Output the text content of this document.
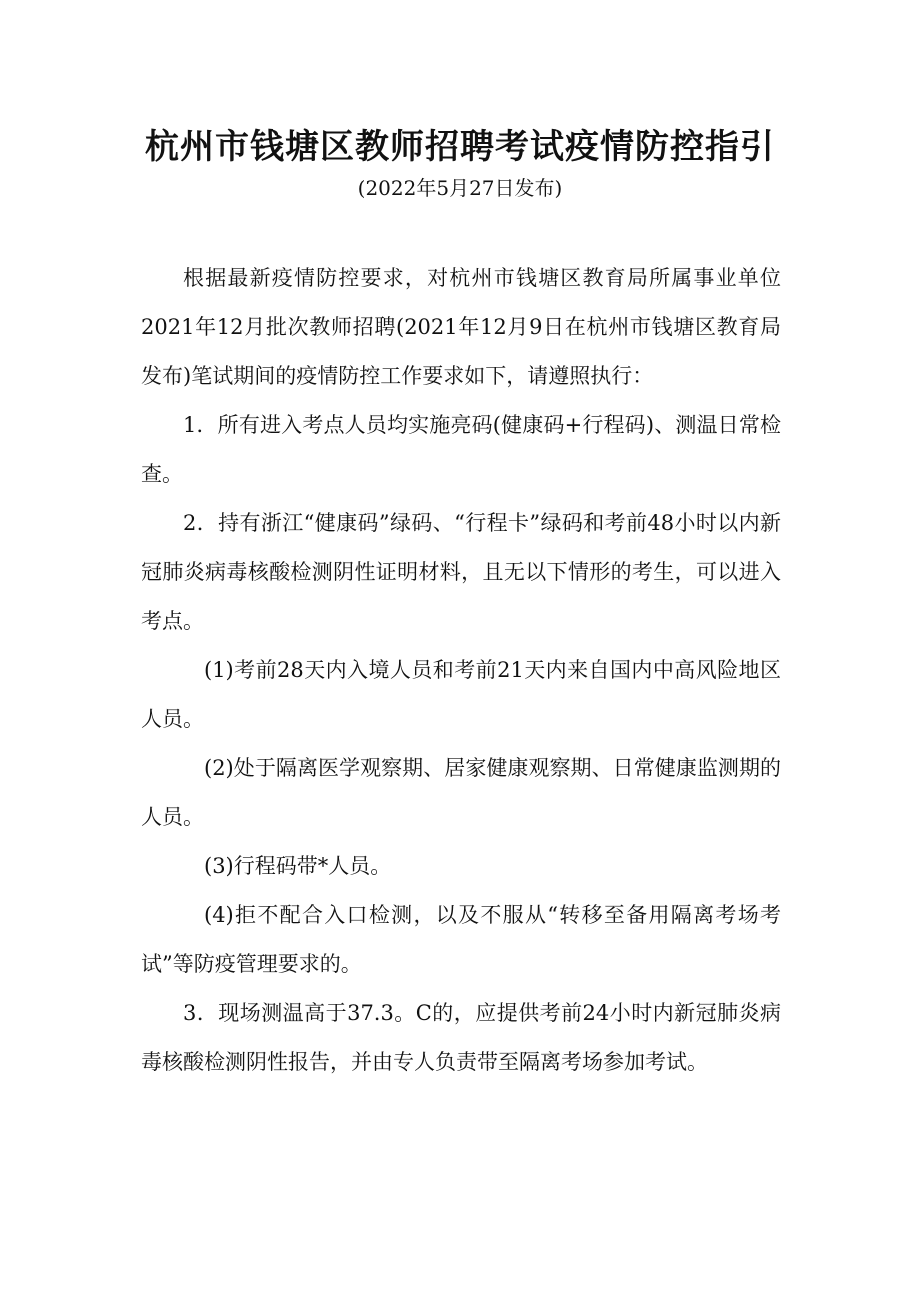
杭州市钱塘区教师招聘考试疫情防控指引
(2022年5月27日发布)

根据最新疫情防控要求，对杭州市钱塘区教育局所属事业单位2021年12月批次教师招聘(2021年12月9日在杭州市钱塘区教育局发布)笔试期间的疫情防控工作要求如下，请遵照执行：

1．所有进入考点人员均实施亮码(健康码+行程码)、测温日常检查。

2．持有浙江“健康码”绿码、“行程卡”绿码和考前48小时以内新冠肺炎病毒核酸检测阴性证明材料，且无以下情形的考生，可以进入考点。

(1)考前28天内入境人员和考前21天内来自国内中高风险地区人员。

(2)处于隔离医学观察期、居家健康观察期、日常健康监测期的人员。

(3)行程码带*人员。

(4)拒不配合入口检测，以及不服从“转移至备用隔离考场考试”等防疫管理要求的。

3．现场测温高于37.3。C的，应提供考前24小时内新冠肺炎病毒核酸检测阴性报告，并由专人负责带至隔离考场参加考试。
